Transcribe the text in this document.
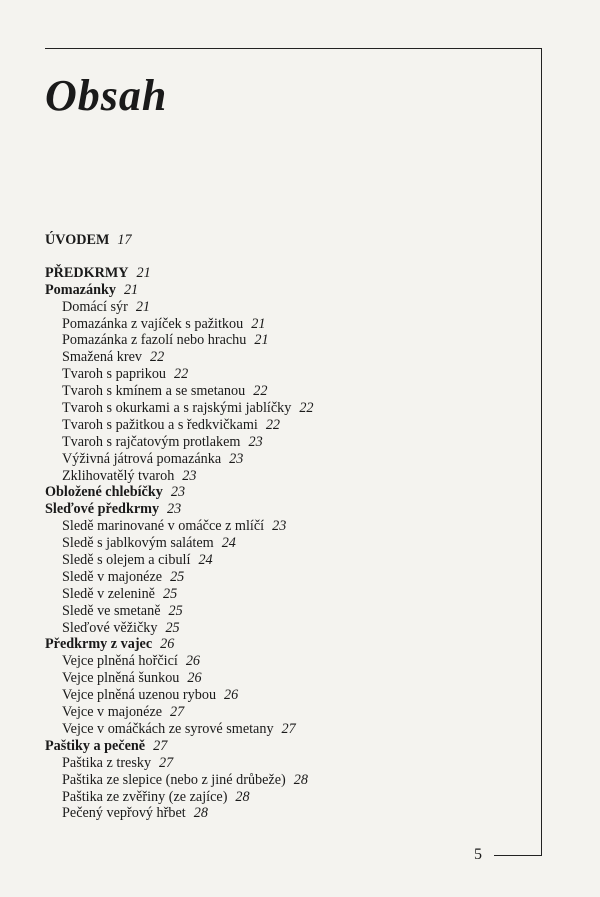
Obsah
ÚVODEM 17
PŘEDKRMY 21
Pomazánky 21
Domácí sýr 21
Pomazánka z vajíček s pažitkou 21
Pomazánka z fazolí nebo hrachu 21
Smažená krev 22
Tvaroh s paprikou 22
Tvaroh s kmínem a se smetanou 22
Tvaroh s okurkami a s rajskými jablíčky 22
Tvaroh s pažitkou a s ředkvičkami 22
Tvaroh s rajčatovým protlakem 23
Výživná játrová pomazánka 23
Zklihovatělý tvaroh 23
Obložené chlebíčky 23
Sleďové předkrmy 23
Sledě marinované v omáčce z mlíčí 23
Sledě s jablkovým salátem 24
Sledě s olejem a cibulí 24
Sledě v majonéze 25
Sledě v zelenině 25
Sledě ve smetaně 25
Sleďové věžičky 25
Předkrmy z vajec 26
Vejce plněná hořčicí 26
Vejce plněná šunkou 26
Vejce plněná uzenou rybou 26
Vejce v majonéze 27
Vejce v omáčkách ze syrové smetany 27
Paštiky a pečeně 27
Paštika z tresky 27
Paštika ze slepice (nebo z jiné drůbeže) 28
Paštika ze zvěřiny (ze zajíce) 28
Pečený vepřový hřbet 28
5
